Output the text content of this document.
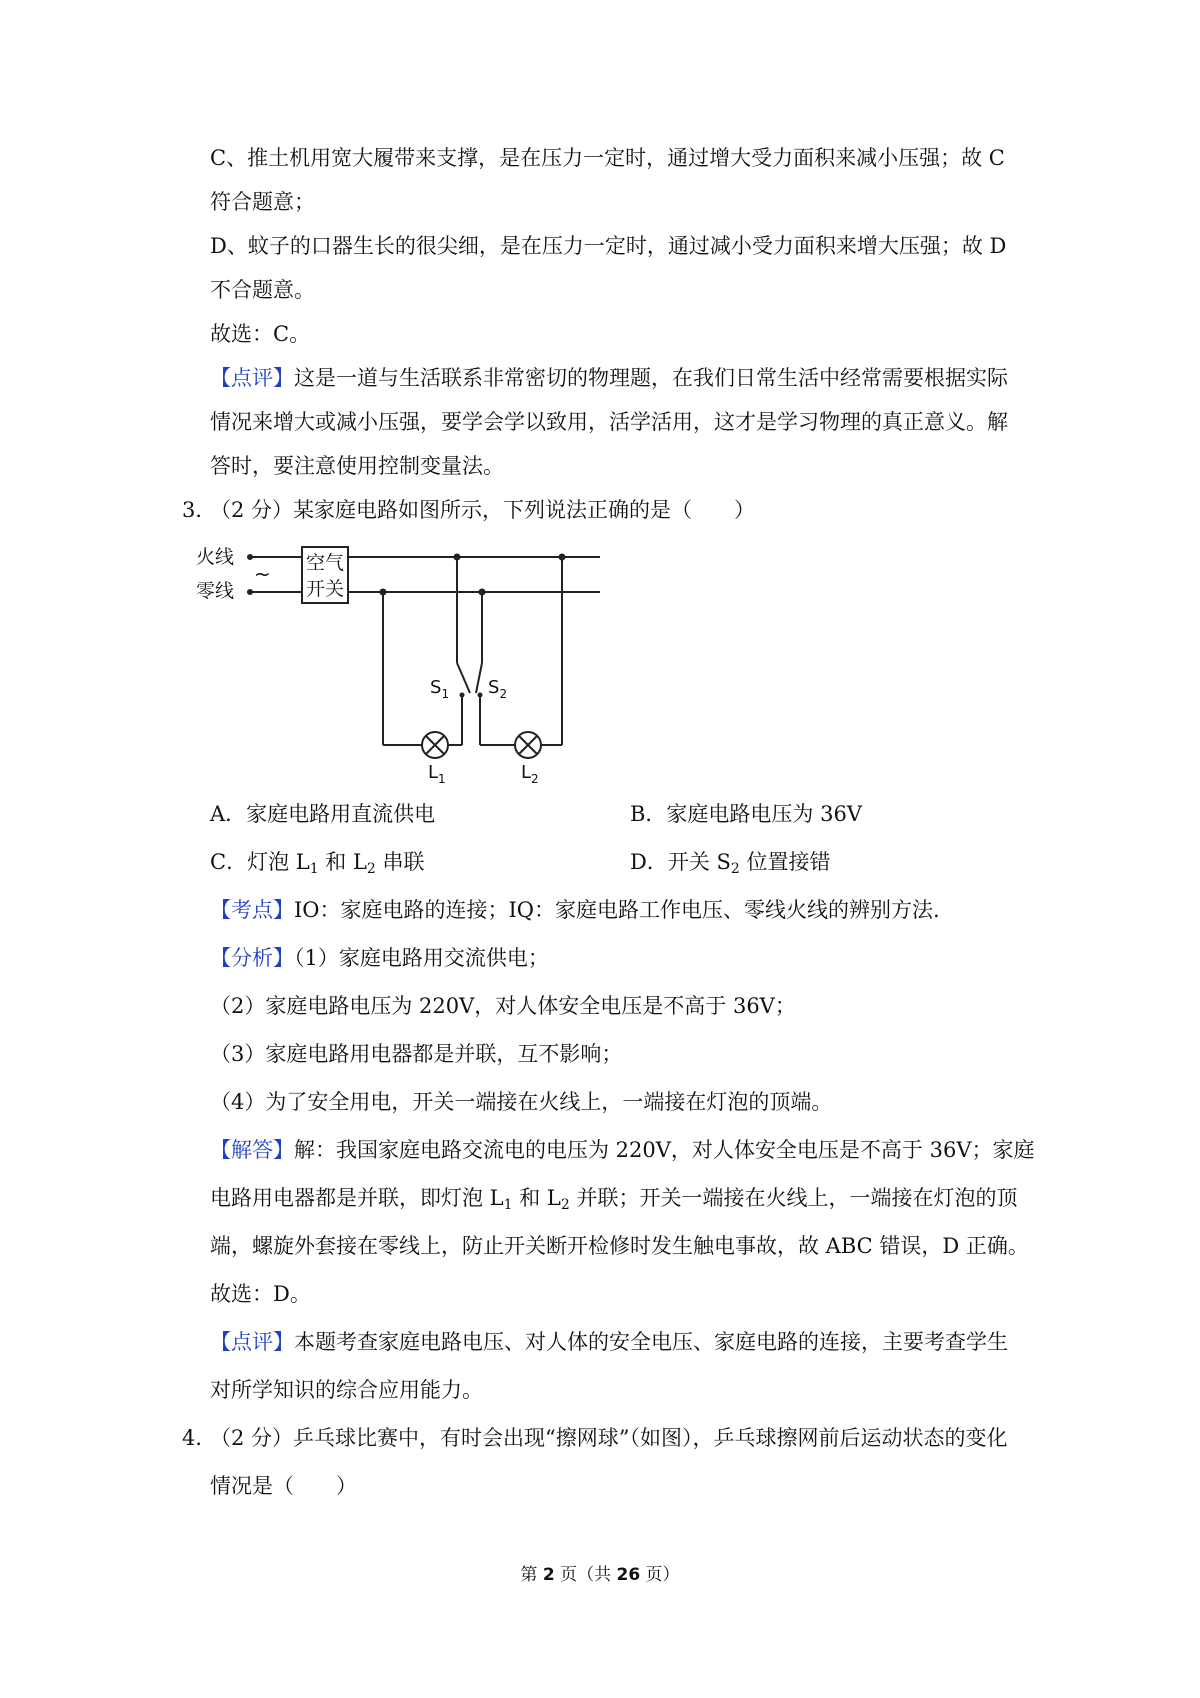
C、推土机用宽大履带来支撑，是在压力一定时，通过增大受力面积来减小压强；故 C
符合题意；
D、蚊子的口器生长的很尖细，是在压力一定时，通过减小受力面积来增大压强；故 D
不合题意。
故选：C。
【点评】这是一道与生活联系非常密切的物理题，在我们日常生活中经常需要根据实际
情况来增大或减小压强，要学会学以致用，活学活用，这才是学习物理的真正意义。解
答时，要注意使用控制变量法。
3．
（2 分）某家庭电路如图所示，下列说法正确的是（　　）
火线
零线
~ 空气
开关
$S_1$ $S_2$
$L_1$	$L_2$
A．家庭电路用直流供电	B．家庭电路电压为 36V
C．灯泡 $L_1$ 和 $L_2$ 串联	D．开关 $S_2$ 位置接错
【考点】IO：家庭电路的连接；IQ：家庭电路工作电压、零线火线的辨别方法.
【分析】（1）家庭电路用交流供电；
（2）家庭电路电压为 220V，对人体安全电压是不高于 36V；
（3）家庭电路用电器都是并联，互不影响；
（4）为了安全用电，开关一端接在火线上，一端接在灯泡的顶端。
【解答】解：我国家庭电路交流电的电压为 220V，对人体安全电压是不高于 36V；家庭
电路用电器都是并联，即灯泡 $L_1$ 和 $L_2$ 并联；开关一端接在火线上，一端接在灯泡的顶
端，螺旋外套接在零线上，防止开关断开检修时发生触电事故，故 ABC 错误，D 正确。
故选：D。
【点评】本题考查家庭电路电压、对人体的安全电压、家庭电路的连接，主要考查学生
对所学知识的综合应用能力。
4．
（2 分）乒乓球比赛中，有时会出现“擦网球”（如图），乒乓球擦网前后运动状态的变化
情况是（　　）
第 2 页（共 26 页）
